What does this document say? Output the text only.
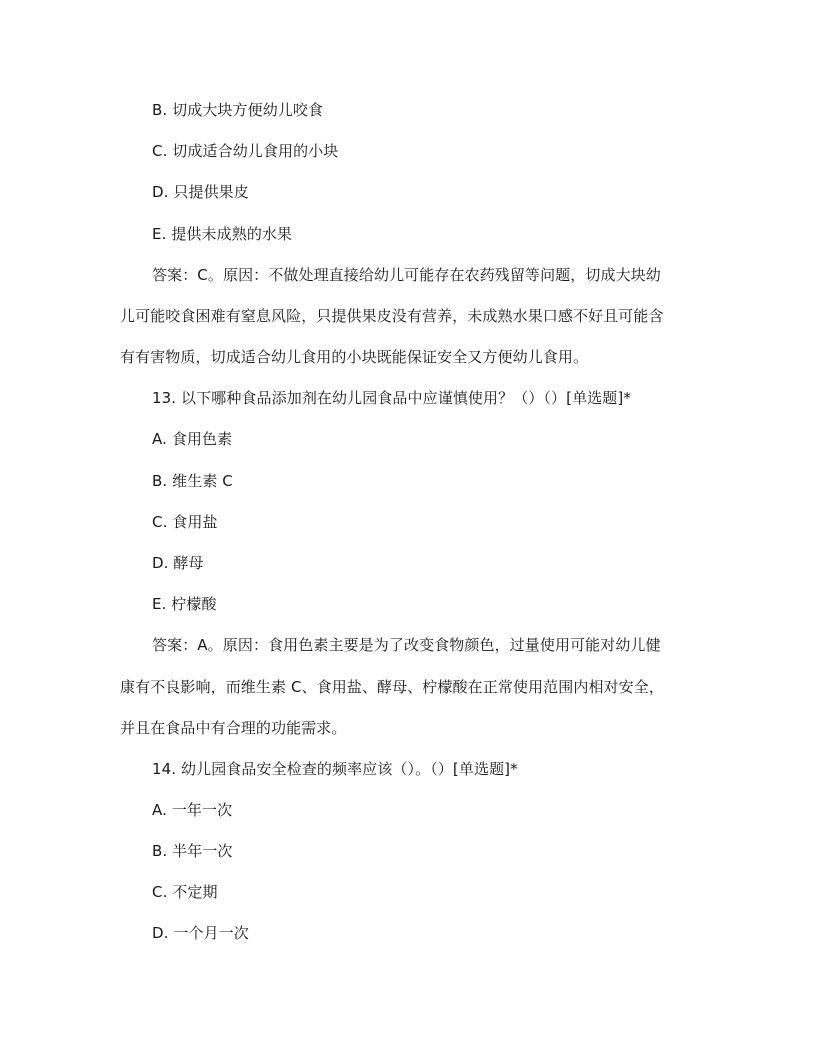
B. 切成大块方便幼儿咬食
C. 切成适合幼儿食用的小块
D. 只提供果皮
E. 提供未成熟的水果
答案：C。原因：不做处理直接给幼儿可能存在农药残留等问题，切成大块幼
儿可能咬食困难有窒息风险，只提供果皮没有营养，未成熟水果口感不好且可能含
有有害物质，切成适合幼儿食用的小块既能保证安全又方便幼儿食用。
13. 以下哪种食品添加剂在幼儿园食品中应谨慎使用？（）（）[单选题]*
A. 食用色素
B. 维生素 C
C. 食用盐
D. 酵母
E. 柠檬酸
答案：A。原因：食用色素主要是为了改变食物颜色，过量使用可能对幼儿健
康有不良影响，而维生素 C、食用盐、酵母、柠檬酸在正常使用范围内相对安全，
并且在食品中有合理的功能需求。
14. 幼儿园食品安全检查的频率应该（）。（）[单选题]*
A. 一年一次
B. 半年一次
C. 不定期
D. 一个月一次
